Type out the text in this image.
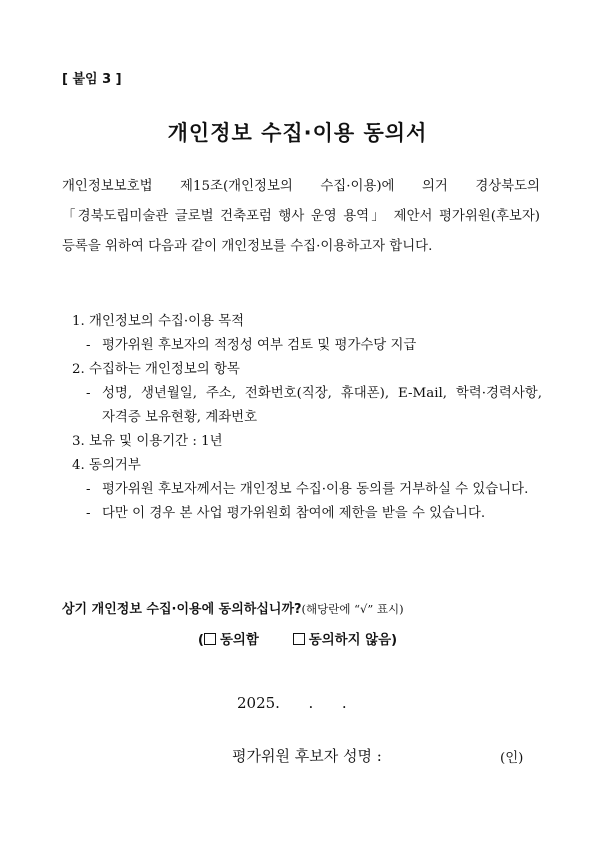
[ 붙임 3 ]
개인정보 수집·이용 동의서
개인정보보호법 제15조(개인정보의 수집·이용)에 의거 경상북도의「경북도립미술관 글로벌 건축포럼 행사 운영 용역」 제안서 평가위원(후보자) 등록을 위하여 다음과 같이 개인정보를 수집·이용하고자 합니다.
1. 개인정보의 수집·이용 목적
- 평가위원 후보자의 적정성 여부 검토 및 평가수당 지급
2. 수집하는 개인정보의 항목
- 성명, 생년월일, 주소, 전화번호(직장, 휴대폰), E-Mail, 학력·경력사항, 자격증 보유현황, 계좌번호
3. 보유 및 이용기간 : 1년
4. 동의거부
- 평가위원 후보자께서는 개인정보 수집·이용 동의를 거부하실 수 있습니다.
- 다만 이 경우 본 사업 평가위원회 참여에 제한을 받을 수 있습니다.
상기 개인정보 수집·이용에 동의하십니까?(해당란에 “√” 표시)
( 동의함	동의하지 않음)
2025.      .      .
평가위원 후보자 성명 :	(인)
